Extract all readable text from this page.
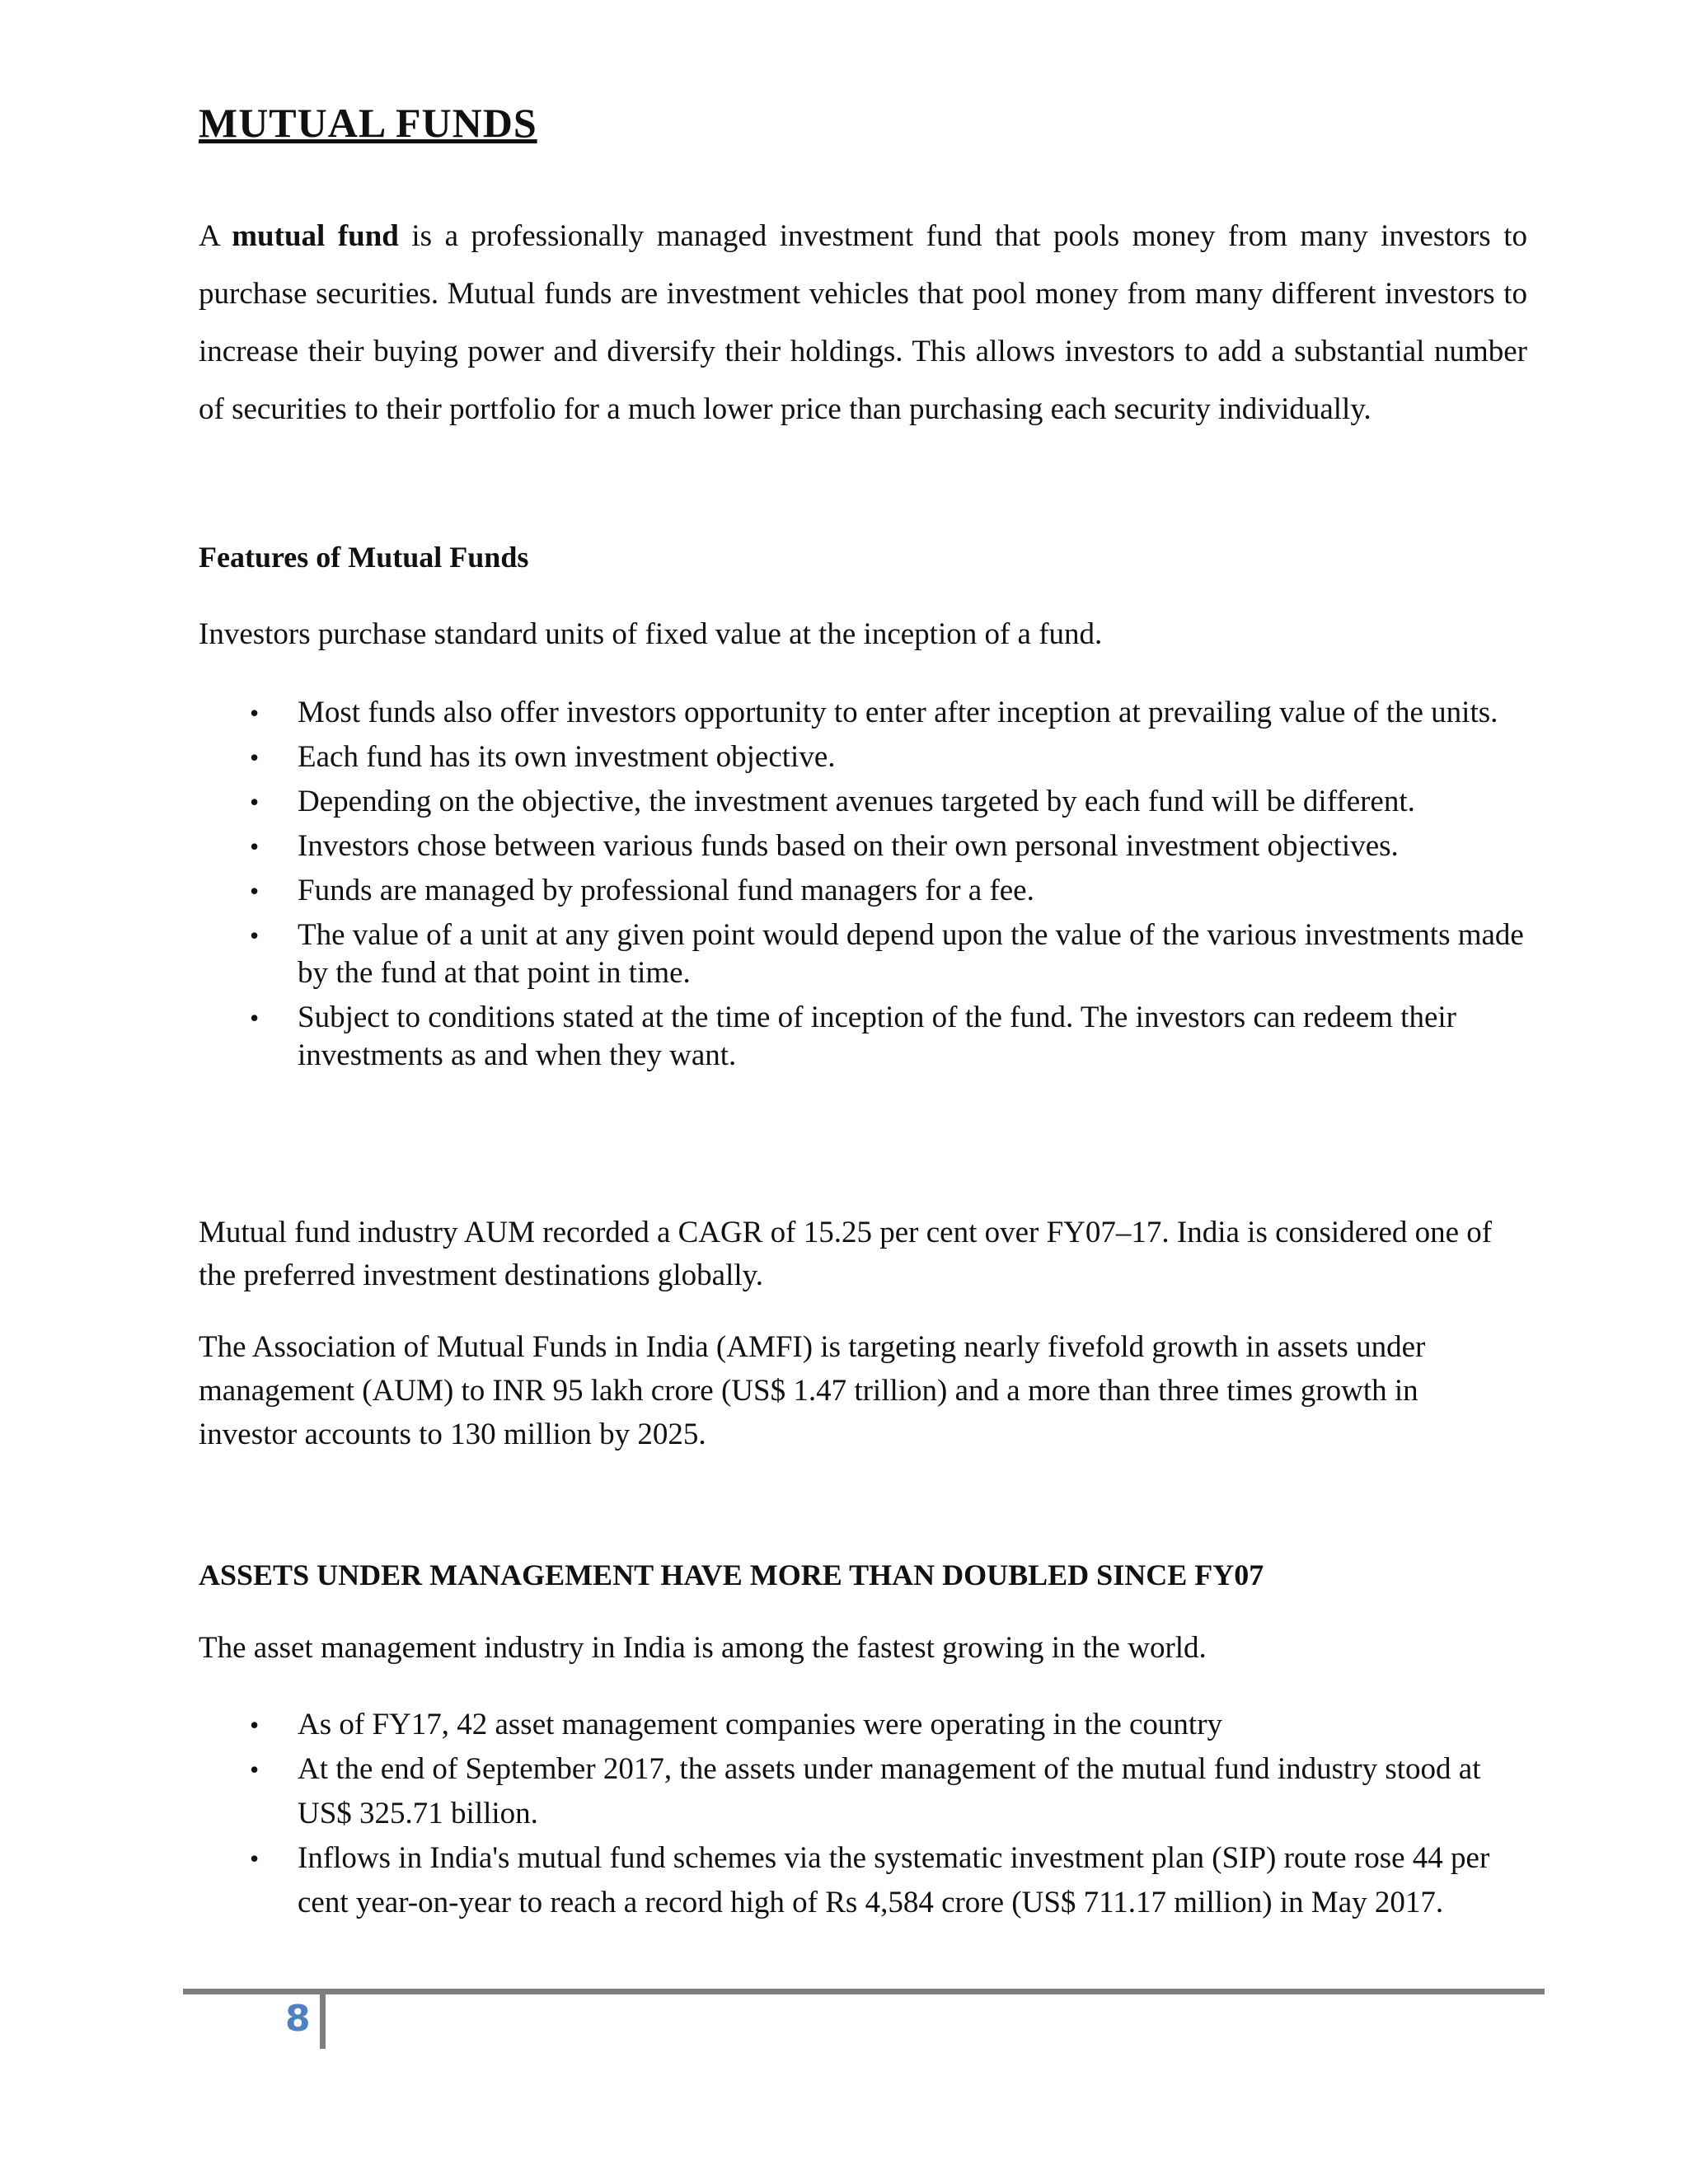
MUTUAL FUNDS
A mutual fund is a professionally managed investment fund that pools money from many investors to purchase securities. Mutual funds are investment vehicles that pool money from many different investors to increase their buying power and diversify their holdings. This allows investors to add a substantial number of securities to their portfolio for a much lower price than purchasing each security individually.

Features of Mutual Funds

Investors purchase standard units of fixed value at the inception of a fund.

• Most funds also offer investors opportunity to enter after inception at prevailing value of the units.
• Each fund has its own investment objective.
• Depending on the objective, the investment avenues targeted by each fund will be different.
• Investors chose between various funds based on their own personal investment objectives.
• Funds are managed by professional fund managers for a fee.
• The value of a unit at any given point would depend upon the value of the various investments made by the fund at that point in time.
• Subject to conditions stated at the time of inception of the fund. The investors can redeem their investments as and when they want.

Mutual fund industry AUM recorded a CAGR of 15.25 per cent over FY07–17. India is considered one of the preferred investment destinations globally.

The Association of Mutual Funds in India (AMFI) is targeting nearly fivefold growth in assets under management (AUM) to INR 95 lakh crore (US$ 1.47 trillion) and a more than three times growth in investor accounts to 130 million by 2025.

ASSETS UNDER MANAGEMENT HAVE MORE THAN DOUBLED SINCE FY07

The asset management industry in India is among the fastest growing in the world.

• As of FY17, 42 asset management companies were operating in the country
• At the end of September 2017, the assets under management of the mutual fund industry stood at US$ 325.71 billion.
• Inflows in India's mutual fund schemes via the systematic investment plan (SIP) route rose 44 per cent year-on-year to reach a record high of Rs 4,584 crore (US$ 711.17 million) in May 2017.
8
